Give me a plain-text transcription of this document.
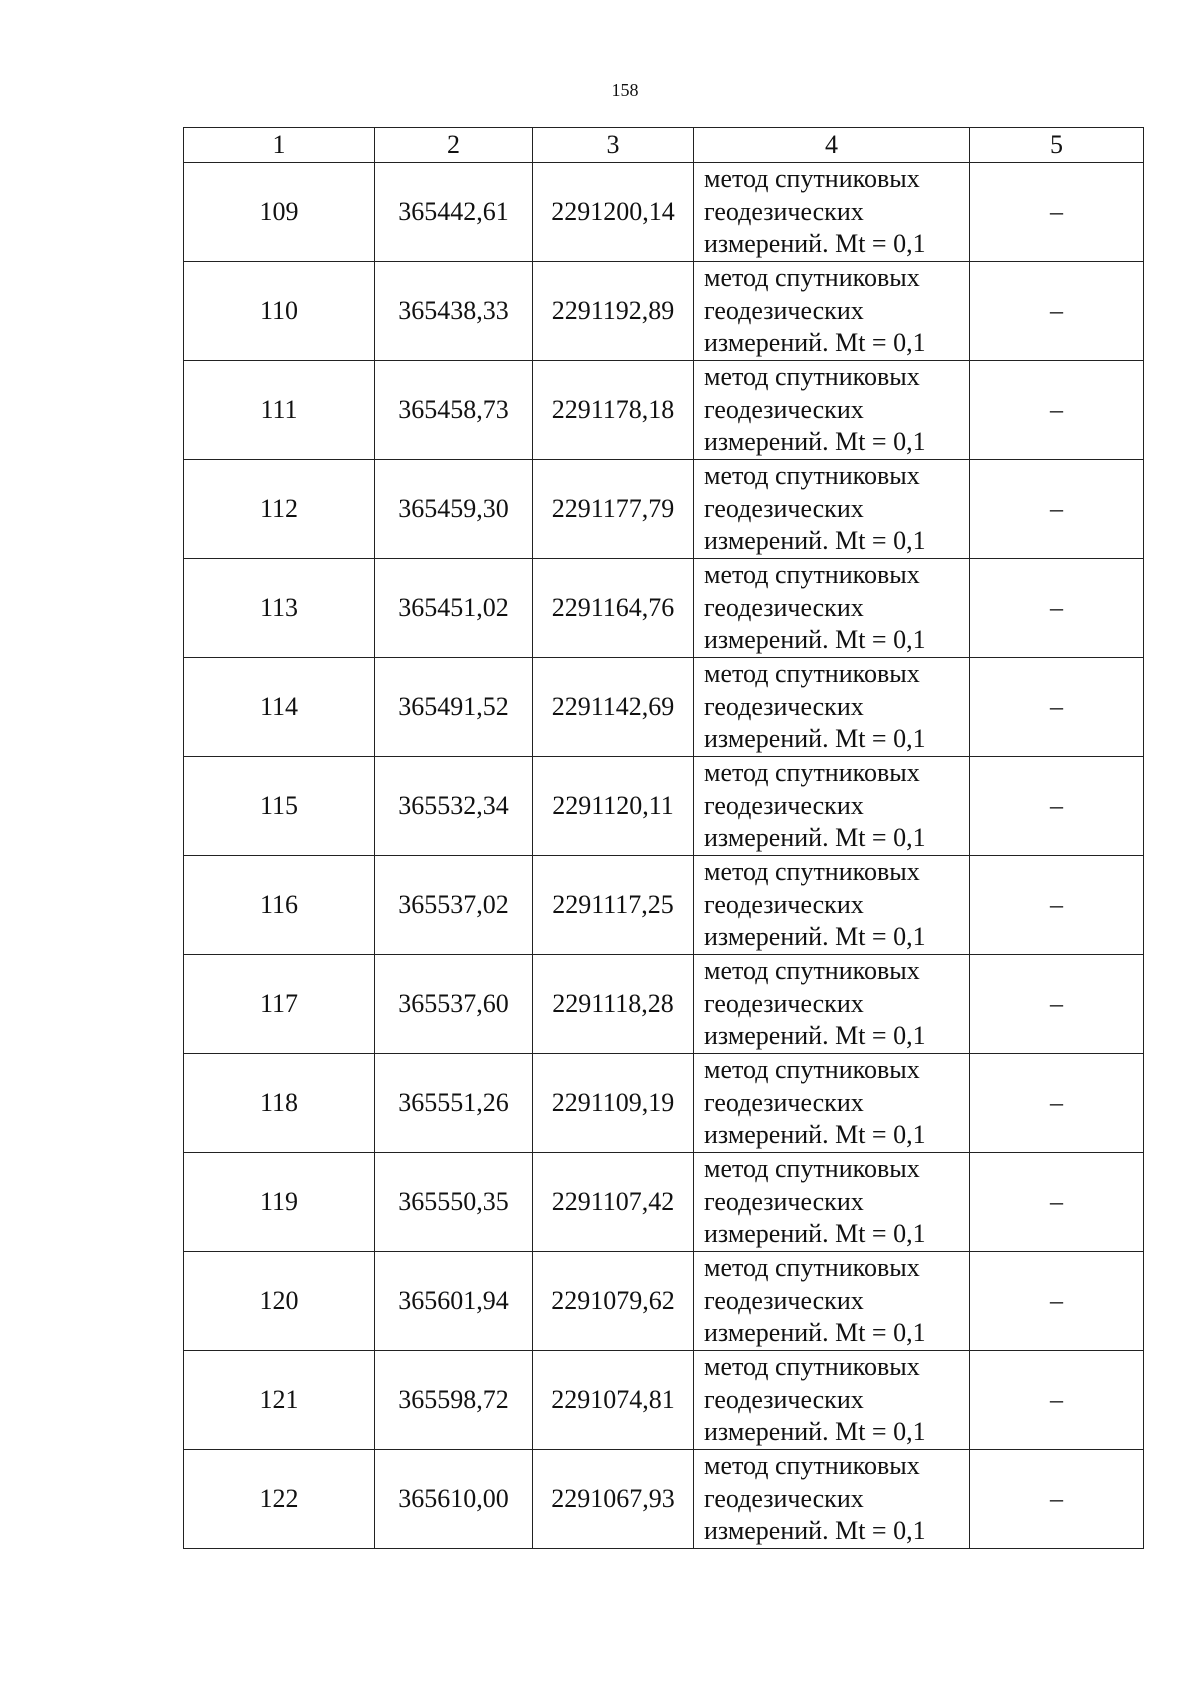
158
1	2	3	4	5
109	365442,61	2291200,14	метод спутниковых
геодезических
измерений. Mt = 0,1	–
110	365438,33	2291192,89	метод спутниковых
геодезических
измерений. Mt = 0,1	–
111	365458,73	2291178,18	метод спутниковых
геодезических
измерений. Mt = 0,1	–
112	365459,30	2291177,79	метод спутниковых
геодезических
измерений. Mt = 0,1	–
113	365451,02	2291164,76	метод спутниковых
геодезических
измерений. Mt = 0,1	–
114	365491,52	2291142,69	метод спутниковых
геодезических
измерений. Mt = 0,1	–
115	365532,34	2291120,11	метод спутниковых
геодезических
измерений. Mt = 0,1	–
116	365537,02	2291117,25	метод спутниковых
геодезических
измерений. Mt = 0,1	–
117	365537,60	2291118,28	метод спутниковых
геодезических
измерений. Mt = 0,1	–
118	365551,26	2291109,19	метод спутниковых
геодезических
измерений. Mt = 0,1	–
119	365550,35	2291107,42	метод спутниковых
геодезических
измерений. Mt = 0,1	–
120	365601,94	2291079,62	метод спутниковых
геодезических
измерений. Mt = 0,1	–
121	365598,72	2291074,81	метод спутниковых
геодезических
измерений. Mt = 0,1	–
122	365610,00	2291067,93	метод спутниковых
геодезических
измерений. Mt = 0,1	–
